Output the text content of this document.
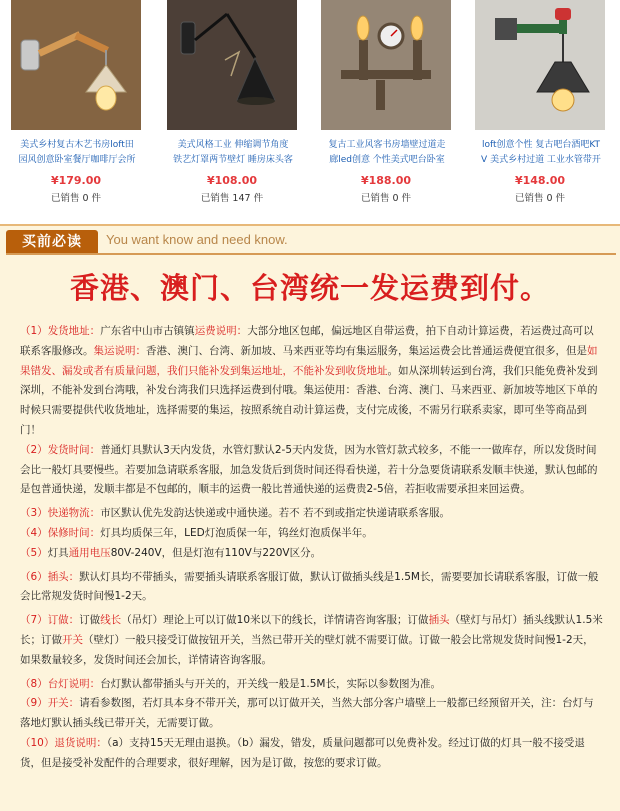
美式乡村复古木艺书房loft田
园风创意卧室餐厅咖啡厅会所
¥179.00
已销售 0 件
美式风格工业 伸缩调节角度
铁艺灯罩两节壁灯 睡房床头客
¥108.00
已销售 147 件
复古工业风客书房墙壁过道走
廊led创意 个性美式吧台卧室
¥188.00
已销售 0 件
loft创意个性 复古吧台酒吧KT
V 美式乡村过道 工业水管带开
¥148.00
已销售 0 件
买前必读	You want know and need know.
香港、澳门、台湾统一发运费到付。

（1）发货地址：广东省中山市古镇镇运费说明：大部分地区包邮，偏远地区自带运费，拍下自动计算运费，若运费过高可以联系客服修改。集运说明：香港、澳门、台湾、新加坡、马来西亚等均有集运服务，集运运费会比普通运费便宜很多，但是如果错发、漏发或者有质量问题，我们只能补发到集运地址，不能补发到收货地址。如从深圳转运到台湾，我们只能免费补发到深圳，不能补发到台湾哦，补发台湾我们只选择运费到付哦。集运使用：香港、台湾、澳门、马来西亚、新加坡等地区下单的时候只需要提供代收货地址，选择需要的集运，按照系统自动计算运费，支付完成後，不需另行联系卖家，即可坐等商品到门！

（2）发货时间：普通灯具默认3天内发货，水管灯默认2-5天内发货，因为水管灯款式较多，不能一一做库存，所以发货时间会比一般灯具要慢些。若要加急请联系客服，加急发货后到货时间还得看快递，若十分急要货请联系发顺丰快递，默认包邮的是包普通快递，发顺丰都是不包邮的，顺丰的运费一般比普通快递的运费贵2-5倍，若拒收需要承担来回运费。

（3）快递物流：市区默认优先发韵达快递或中通快递。若不 若不到或指定快递请联系客服。

（4）保修时间：灯具均质保三年，LED灯泡质保一年，钨丝灯泡质保半年。

（5）灯具通用电压80V-240V，但是灯泡有110V与220V区分。

（6）插头：默认灯具均不带插头，需要插头请联系客服订做，默认订做插头线是1.5M长，需要要加长请联系客服，订做一般会比常规发货时间慢1-2天。

（7）订做：订做线长（吊灯）理论上可以订做10米以下的线长，详情请咨询客服；订做插头（壁灯与吊灯）插头线默认1.5米长；订做开关（壁灯）一般只接受订做按钮开关，当然已带开关的壁灯就不需要订做。订做一般会比常规发货时间慢1-2天，如果数量较多，发货时间还会加长，详情请咨询客服。

（8）台灯说明：台灯默认都带插头与开关的，开关线一般是1.5M长，实际以参数图为准。

（9）开关：请看参数图，若灯具本身不带开关，那可以订做开关，当然大部分客户墙壁上一般都已经预留开关，注：台灯与落地灯默认插头线已带开关，无需要订做。

（10）退货说明：（a）支持15天无理由退换。（b）漏发，错发，质量问题都可以免费补发。经过订做的灯具一般不接受退货，但是接受补发配件的合理要求，很好理解，因为是订做，按您的要求订做。
